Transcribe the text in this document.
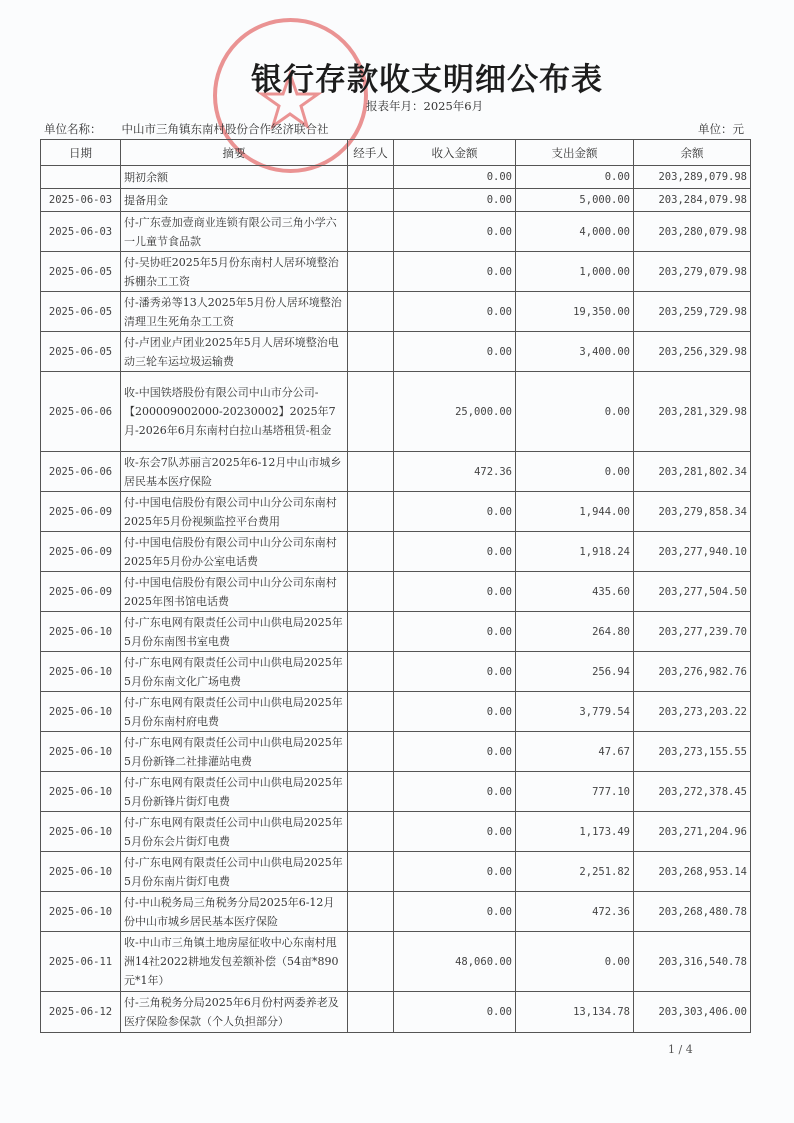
银行存款收支明细公布表
报表年月：2025年6月
单位名称： 中山市三角镇东南村股份合作经济联合社	单位：元
日期	摘要	经手人	收入金额	支出金额	余额
	期初余额		0.00	0.00	203,289,079.98
2025-06-03	提备用金		0.00	5,000.00	203,284,079.98
2025-06-03	付-广东壹加壹商业连锁有限公司三角小学六一儿童节食品款		0.00	4,000.00	203,280,079.98
2025-06-05	付-吴协旺2025年5月份东南村人居环境整治拆棚杂工工资		0.00	1,000.00	203,279,079.98
2025-06-05	付-潘秀弟等13人2025年5月份人居环境整治清理卫生死角杂工工资		0.00	19,350.00	203,259,729.98
2025-06-05	付-卢团业卢团业2025年5月人居环境整治电动三轮车运垃圾运输费		0.00	3,400.00	203,256,329.98
2025-06-06	收-中国铁塔股份有限公司中山市分公司-【200009002000-20230002】2025年7月-2026年6月东南村白拉山基塔租赁-租金		25,000.00	0.00	203,281,329.98
2025-06-06	收-东会7队苏丽言2025年6-12月中山市城乡居民基本医疗保险		472.36	0.00	203,281,802.34
2025-06-09	付-中国电信股份有限公司中山分公司东南村2025年5月份视频监控平台费用		0.00	1,944.00	203,279,858.34
2025-06-09	付-中国电信股份有限公司中山分公司东南村2025年5月份办公室电话费		0.00	1,918.24	203,277,940.10
2025-06-09	付-中国电信股份有限公司中山分公司东南村2025年图书馆电话费		0.00	435.60	203,277,504.50
2025-06-10	付-广东电网有限责任公司中山供电局2025年5月份东南图书室电费		0.00	264.80	203,277,239.70
2025-06-10	付-广东电网有限责任公司中山供电局2025年5月份东南文化广场电费		0.00	256.94	203,276,982.76
2025-06-10	付-广东电网有限责任公司中山供电局2025年5月份东南村府电费		0.00	3,779.54	203,273,203.22
2025-06-10	付-广东电网有限责任公司中山供电局2025年5月份新锋二社排灌站电费		0.00	47.67	203,273,155.55
2025-06-10	付-广东电网有限责任公司中山供电局2025年5月份新锋片街灯电费		0.00	777.10	203,272,378.45
2025-06-10	付-广东电网有限责任公司中山供电局2025年5月份东会片街灯电费		0.00	1,173.49	203,271,204.96
2025-06-10	付-广东电网有限责任公司中山供电局2025年5月份东南片街灯电费		0.00	2,251.82	203,268,953.14
2025-06-10	付-中山税务局三角税务分局2025年6-12月份中山市城乡居民基本医疗保险		0.00	472.36	203,268,480.78
2025-06-11	收-中山市三角镇土地房屋征收中心东南村甩洲14社2022耕地发包差额补偿（54亩*890元*1年）		48,060.00	0.00	203,316,540.78
2025-06-12	付-三角税务分局2025年6月份村两委养老及医疗保险参保款（个人负担部分）		0.00	13,134.78	203,303,406.00
1 / 4
